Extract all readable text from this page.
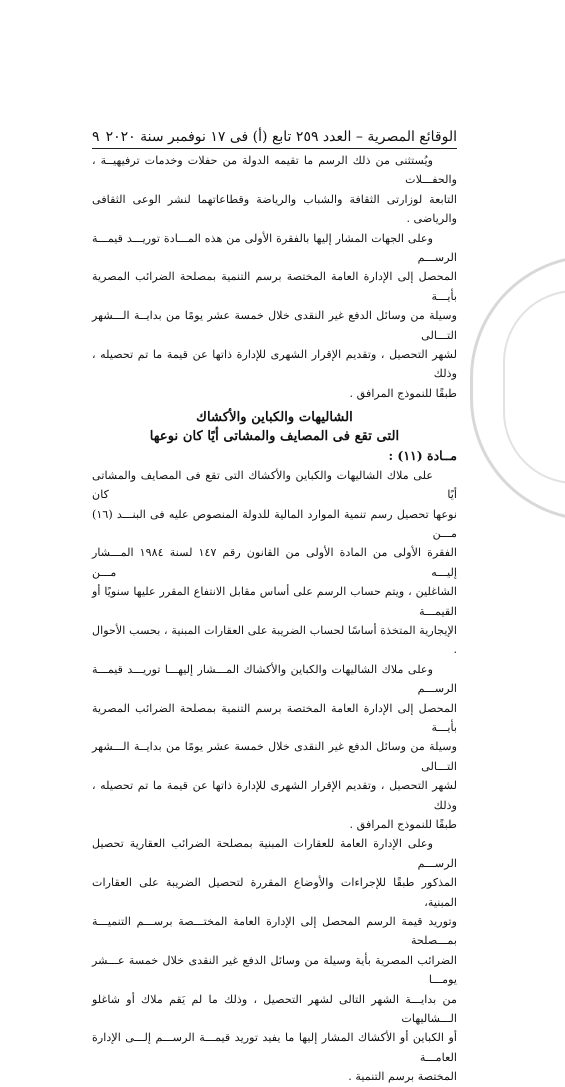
الوقائع المصرية – العدد ٢٥٩ تابع (أ) فى ١٧ نوفمبر سنة ٢٠٢٠
٩

ويُستثنى من ذلك الرسم ما تقيمه الدولة من حفلات وخدمات ترفيهيــة ، والحفـــلات

التابعة لوزارتى الثقافة والشباب والرياضة وقطاعاتهما لنشر الوعى الثقافى والرياضى .

وعلى الجهات المشار إليها بالفقرة الأولى من هذه المـــادة توريـــد قيمـــة الرســـم

المحصل إلى الإدارة العامة المختصة برسم التنمية بمصلحة الضرائب المصرية بأيـــة

وسيلة من وسائل الدفع غير النقدى خلال خمسة عشر يومًا من بدايــة الـــشهر التـــالى

لشهر التحصيل ، وتقديم الإقرار الشهرى للإدارة ذاتها عن قيمة ما تم تحصيله ، وذلك

طبقًا للنموذج المرافق .

الشاليهات والكباين والأكشاك

التى تقع فى المصايف والمشاتى أيًا كان نوعها

مــادة (١١) :

على ملاك الشاليهات والكباين والأكشاك التى تقع فى المصايف والمشاتى أيًا كان

نوعها تحصيل رسم تنمية الموارد المالية للدولة المنصوص عليه فى البنـــد (١٦) مـــن

الفقرة الأولى من المادة الأولى من القانون رقم ١٤٧ لسنة ١٩٨٤ المـــشار إليـــه مـــن

الشاغلين ، ويتم حساب الرسم على أساس مقابل الانتفاع المقرر عليها سنويًا أو القيمـــة

الإيجارية المتخذة أساسًا لحساب الضريبة على العقارات المبنية ، بحسب الأحوال .

وعلى ملاك الشاليهات والكباين والأكشاك المـــشار إليهـــا توريـــد قيمـــة الرســـم

المحصل إلى الإدارة العامة المختصة برسم التنمية بمصلحة الضرائب المصرية بأيـــة

وسيلة من وسائل الدفع غير النقدى خلال خمسة عشر يومًا من بدايــة الـــشهر التـــالى

لشهر التحصيل ، وتقديم الإقرار الشهرى للإدارة ذاتها عن قيمة ما تم تحصيله ، وذلك

طبقًا للنموذج المرافق .

وعلى الإدارة العامة للعقارات المبنية بمصلحة الضرائب العقارية تحصيل الرســـم

المذكور طبقًا للإجراءات والأوضاع المقررة لتحصيل الضريبة على العقارات المبنية،

وتوريد قيمة الرسم المحصل إلى الإدارة العامة المختـــصة برســـم التنميـــة بمـــصلحة

الضرائب المصرية بأية وسيلة من وسائل الدفع غير النقدى خلال خمسة عـــشر يومـــا

من بدايـــة الشهر التالى لشهر التحصيل ، وذلك ما لم يَقم ملاك أو شاغلو الـــشاليهات

أو الكباين أو الأكشاك المشار إليها ما يفيد توريد قيمـــة الرســـم إلـــى الإدارة العامـــة

المختصة برسم التنمية .
